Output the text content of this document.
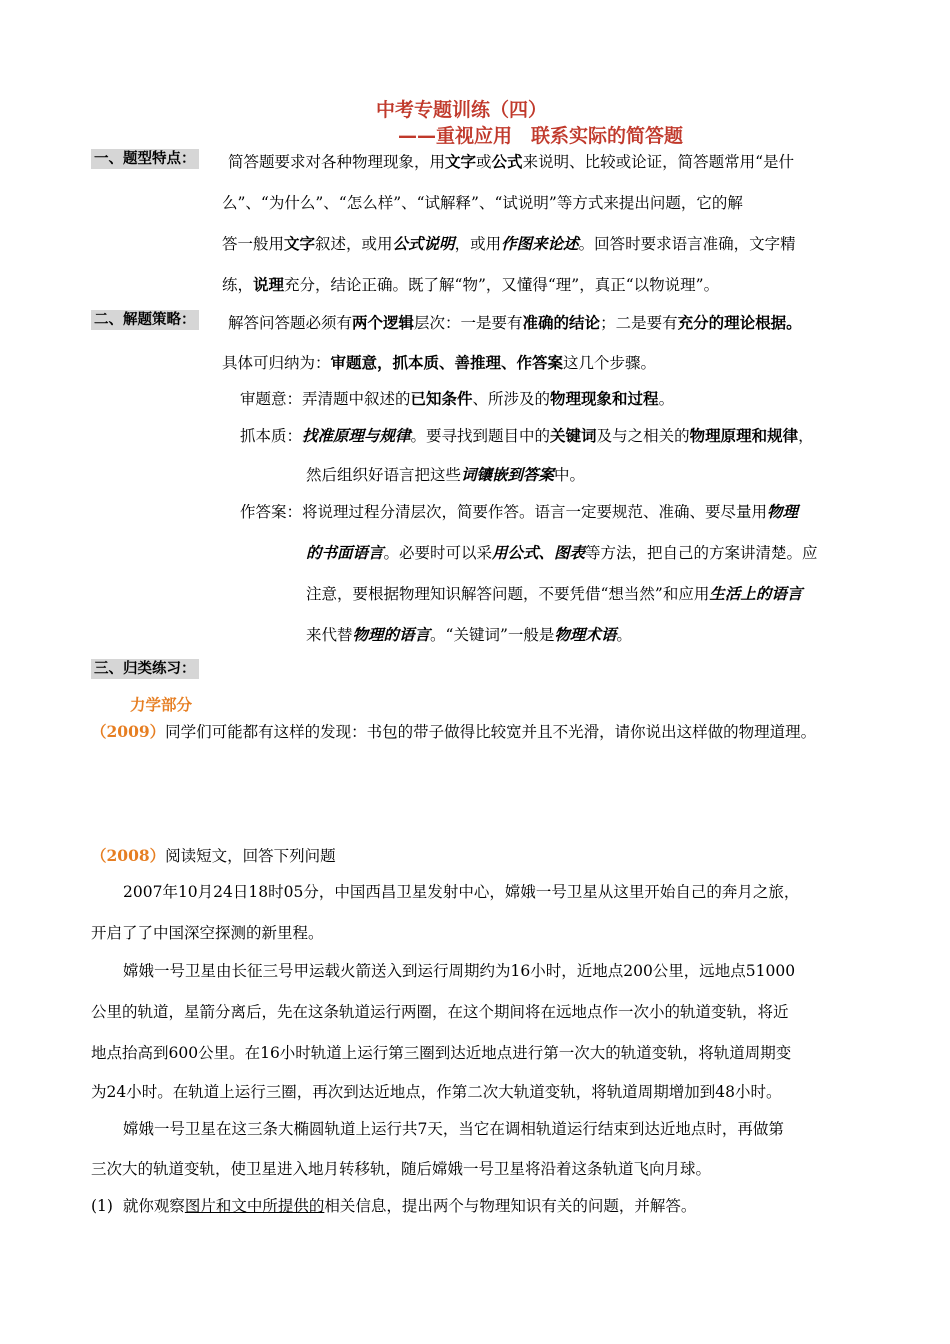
中考专题训练（四）
——重视应用　联系实际的简答题
一、题型特点： 简答题要求对各种物理现象，用文字或公式来说明、比较或论证，简答题常用“是什
么”、“为什么”、“怎么样”、“试解释”、“试说明”等方式来提出问题，它的解
答一般用文字叙述，或用公式说明，或用作图来论述。回答时要求语言准确，文字精
练，说理充分，结论正确。既了解“物”，又懂得“理”，真正“以物说理”。
二、解题策略： 解答问答题必须有两个逻辑层次：一是要有准确的结论；二是要有充分的理论根据。
具体可归纳为：审题意，抓本质、善推理、作答案这几个步骤。
审题意：弄清题中叙述的已知条件、所涉及的物理现象和过程。
抓本质：找准原理与规律。要寻找到题目中的关键词及与之相关的物理原理和规律，
然后组织好语言把这些词镶嵌到答案中。
作答案：将说理过程分清层次，简要作答。语言一定要规范、准确、要尽量用物理
的书面语言。必要时可以采用公式、图表等方法，把自己的方案讲清楚。应
注意，要根据物理知识解答问题，不要凭借“想当然”和应用生活上的语言
来代替物理的语言。“关键词”一般是物理术语。
三、归类练习：
力学部分
（2009）同学们可能都有这样的发现：书包的带子做得比较宽并且不光滑，请你说出这样做的物理道理。
（2008）阅读短文，回答下列问题
2007年10月24日18时05分，中国西昌卫星发射中心，嫦娥一号卫星从这里开始自己的奔月之旅，
开启了了中国深空探测的新里程。
嫦娥一号卫星由长征三号甲运载火箭送入到运行周期约为16小时，近地点200公里，远地点51000
公里的轨道，星箭分离后，先在这条轨道运行两圈，在这个期间将在远地点作一次小的轨道变轨，将近
地点抬高到600公里。在16小时轨道上运行第三圈到达近地点进行第一次大的轨道变轨，将轨道周期变
为24小时。在轨道上运行三圈，再次到达近地点，作第二次大轨道变轨，将轨道周期增加到48小时。
嫦娥一号卫星在这三条大椭圆轨道上运行共7天，当它在调相轨道运行结束到达近地点时，再做第
三次大的轨道变轨，使卫星进入地月转移轨，随后嫦娥一号卫星将沿着这条轨道飞向月球。
(1) 就你观察图片和文中所提供的相关信息，提出两个与物理知识有关的问题，并解答。
